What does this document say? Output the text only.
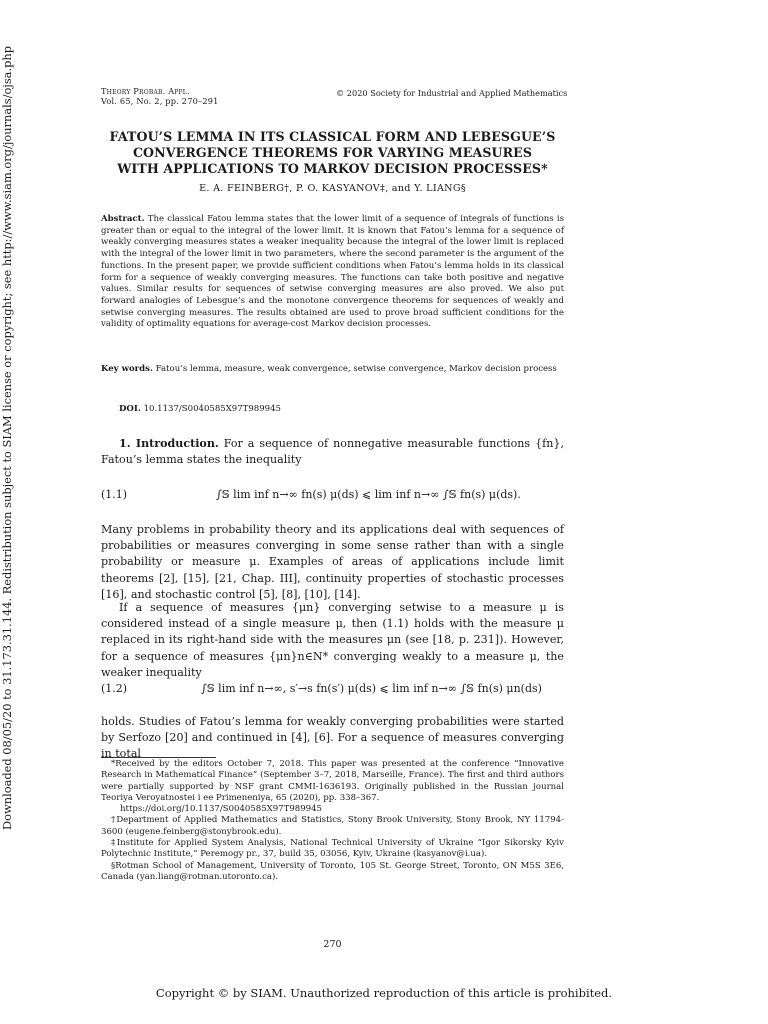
Downloaded 08/05/20 to 31.173.31.144. Redistribution subject to SIAM license or copyright; see http://www.siam.org/journals/ojsa.php	Theory Probab. Appl.
Vol. 65, No. 2, pp. 270–291
© 2020 Society for Industrial and Applied Mathematics
FATOU’S LEMMA IN ITS CLASSICAL FORM AND LEBESGUE’S
CONVERGENCE THEOREMS FOR VARYING MEASURES
WITH APPLICATIONS TO MARKOV DECISION PROCESSES*
E. A. FEINBERG†, P. O. KASYANOV‡, and Y. LIANG§
Abstract. The classical Fatou lemma states that the lower limit of a sequence of integrals of functions is greater than or equal to the integral of the lower limit. It is known that Fatou’s lemma for a sequence of weakly converging measures states a weaker inequality because the integral of the lower limit is replaced with the integral of the lower limit in two parameters, where the second parameter is the argument of the functions. In the present paper, we provide sufficient conditions when Fatou’s lemma holds in its classical form for a sequence of weakly converging measures. The functions can take both positive and negative values. Similar results for sequences of setwise converging measures are also proved. We also put forward analogies of Lebesgue’s and the monotone convergence theorems for sequences of weakly and setwise converging measures. The results obtained are used to prove broad sufficient conditions for the validity of optimality equations for average-cost Markov decision processes.
Key words. Fatou’s lemma, measure, weak convergence, setwise convergence, Markov decision process
DOI. 10.1137/S0040585X97T989945
1. Introduction. For a sequence of nonnegative measurable functions {fn}, Fatou’s lemma states the inequality
(1.1)	∫𝕊 lim inf n→∞ fn(s) μ(ds) ⩽ lim inf n→∞ ∫𝕊 fn(s) μ(ds).
Many problems in probability theory and its applications deal with sequences of probabilities or measures converging in some sense rather than with a single probability or measure μ. Examples of areas of applications include limit theorems [2], [15], [21, Chap. III], continuity properties of stochastic processes [16], and stochastic control [5], [8], [10], [14].
If a sequence of measures {μn} converging setwise to a measure μ is considered instead of a single measure μ, then (1.1) holds with the measure μ replaced in its right-hand side with the measures μn (see [18, p. 231]). However, for a sequence of measures {μn}n∈N* converging weakly to a measure μ, the weaker inequality
(1.2)	∫𝕊 lim inf n→∞, s′→s fn(s′) μ(ds) ⩽ lim inf n→∞ ∫𝕊 fn(s) μn(ds)
holds. Studies of Fatou’s lemma for weakly converging probabilities were started by Serfozo [20] and continued in [4], [6]. For a sequence of measures converging in total

*Received by the editors October 7, 2018. This paper was presented at the conference “Innovative Research in Mathematical Finance” (September 3–7, 2018, Marseille, France). The first and third authors were partially supported by NSF grant CMMI-1636193. Originally published in the Russian journal Teoriya Veroyatnostei i ee Primeneniya, 65 (2020), pp. 338–367.

https://doi.org/10.1137/S0040585X97T989945

†Department of Applied Mathematics and Statistics, Stony Brook University, Stony Brook, NY 11794-3600 (eugene.feinberg@stonybrook.edu).

‡Institute for Applied System Analysis, National Technical University of Ukraine “Igor Sikorsky Kyiv Polytechnic Institute,” Peremogy pr., 37, build 35, 03056, Kyiv, Ukraine (kasyanov@i.ua).

§Rotman School of Management, University of Toronto, 105 St. George Street, Toronto, ON M5S 3E6, Canada (yan.liang@rotman.utoronto.ca).

270
Copyright © by SIAM. Unauthorized reproduction of this article is prohibited.
